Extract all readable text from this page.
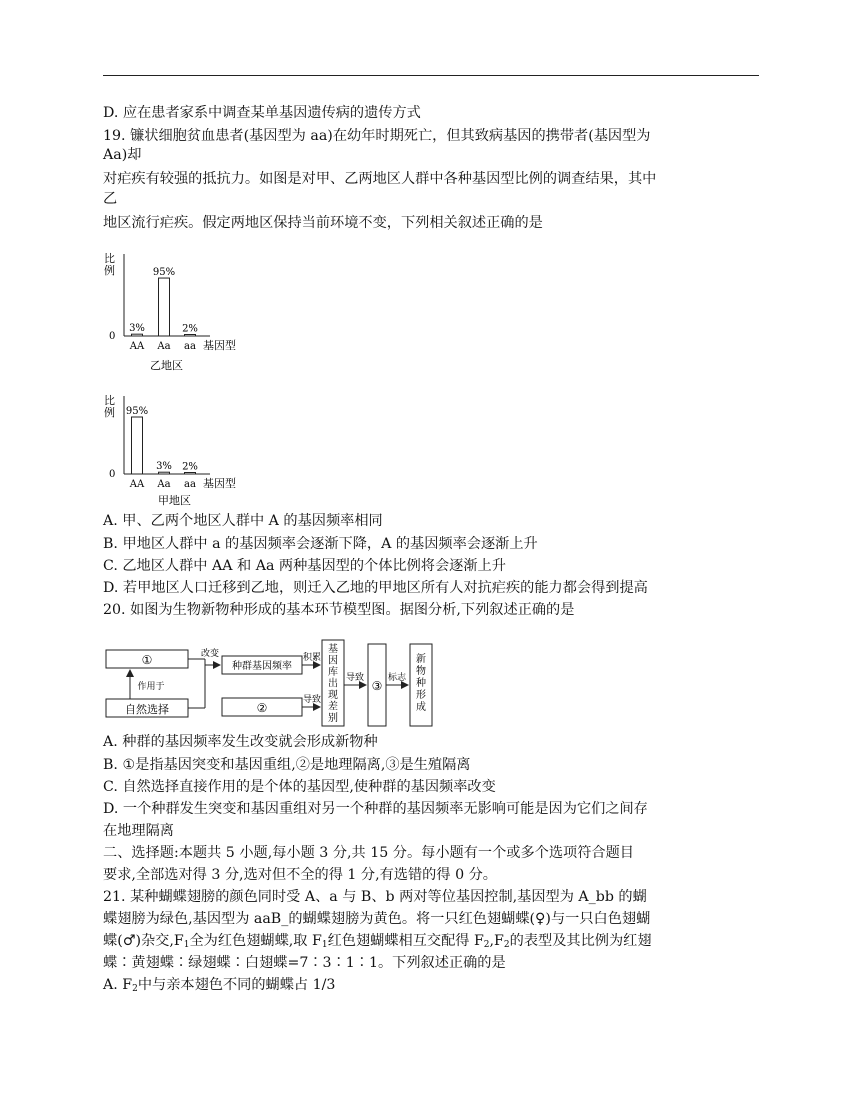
D. 应在患者家系中调查某单基因遗传病的遗传方式
19. 镰状细胞贫血患者(基因型为 aa)在幼年时期死亡，但其致病基因的携带者(基因型为
Aa)却
对疟疾有较强的抵抗力。如图是对甲、乙两地区人群中各种基因型比例的调查结果，其中
乙
地区流行疟疾。假定两地区保持当前环境不变，下列相关叙述正确的是
比
例
0
3%
AA
95%
Aa
2%
aa 基因型
乙地区
比
例
0
95%
AA
3%
Aa
2%
aa 基因型
甲地区
A. 甲、乙两个地区人群中 A 的基因频率相同
B. 甲地区人群中 a 的基因频率会逐渐下降，A 的基因频率会逐渐上升
C. 乙地区人群中 AA 和 Aa 两种基因型的个体比例将会逐渐上升
D. 若甲地区人口迁移到乙地，则迁入乙地的甲地区所有人对抗疟疾的能力都会得到提高
20. 如图为生物新物种形成的基本环节模型图。据图分析,下列叙述正确的是
①
自然选择
作用于
种群基因频率
②
改变	基
因
库
出
现
差
别
积累
导致
③
导致
新
物
种
形
成
标志
A. 种群的基因频率发生改变就会形成新物种
B. ①是指基因突变和基因重组,②是地理隔离,③是生殖隔离
C. 自然选择直接作用的是个体的基因型,使种群的基因频率改变
D. 一个种群发生突变和基因重组对另一个种群的基因频率无影响可能是因为它们之间存
在地理隔离
二、选择题:本题共 5 小题,每小题 3 分,共 15 分。每小题有一个或多个选项符合题目
要求,全部选对得 3 分,选对但不全的得 1 分,有选错的得 0 分。
21. 某种蝴蝶翅膀的颜色同时受 A、a 与 B、b 两对等位基因控制,基因型为 A_bb 的蝴
蝶翅膀为绿色,基因型为 aaB_的蝴蝶翅膀为黄色。将一只红色翅蝴蝶(♀)与一只白色翅蝴
蝶(♂)杂交$,F_1$全为红色翅蝴蝶,取 $F_1$红色翅蝴蝶相互交配得 $F_2,F_2$的表型及其比例为红翅
蝶∶黄翅蝶∶绿翅蝶∶白翅蝶=7∶3∶1∶1。下列叙述正确的是
A. $F_2$中与亲本翅色不同的蝴蝶占 1/3
